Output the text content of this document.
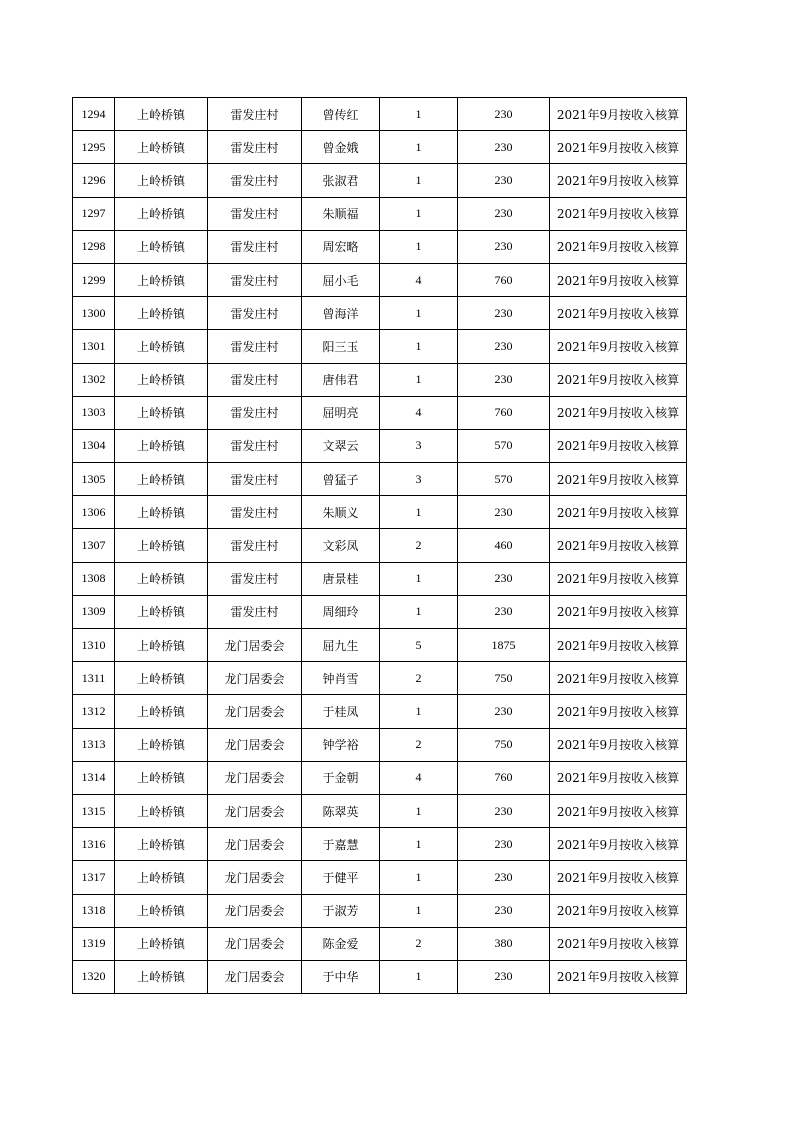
1294	上岭桥镇	雷发庄村	曾传红	1	230	2021年9月按收入核算
1295	上岭桥镇	雷发庄村	曾金娥	1	230	2021年9月按收入核算
1296	上岭桥镇	雷发庄村	张淑君	1	230	2021年9月按收入核算
1297	上岭桥镇	雷发庄村	朱顺福	1	230	2021年9月按收入核算
1298	上岭桥镇	雷发庄村	周宏略	1	230	2021年9月按收入核算
1299	上岭桥镇	雷发庄村	屈小毛	4	760	2021年9月按收入核算
1300	上岭桥镇	雷发庄村	曾海洋	1	230	2021年9月按收入核算
1301	上岭桥镇	雷发庄村	阳三玉	1	230	2021年9月按收入核算
1302	上岭桥镇	雷发庄村	唐伟君	1	230	2021年9月按收入核算
1303	上岭桥镇	雷发庄村	屈明亮	4	760	2021年9月按收入核算
1304	上岭桥镇	雷发庄村	文翠云	3	570	2021年9月按收入核算
1305	上岭桥镇	雷发庄村	曾猛子	3	570	2021年9月按收入核算
1306	上岭桥镇	雷发庄村	朱顺义	1	230	2021年9月按收入核算
1307	上岭桥镇	雷发庄村	文彩凤	2	460	2021年9月按收入核算
1308	上岭桥镇	雷发庄村	唐景桂	1	230	2021年9月按收入核算
1309	上岭桥镇	雷发庄村	周细玲	1	230	2021年9月按收入核算
1310	上岭桥镇	龙门居委会	屈九生	5	1875	2021年9月按收入核算
1311	上岭桥镇	龙门居委会	钟肖雪	2	750	2021年9月按收入核算
1312	上岭桥镇	龙门居委会	于桂凤	1	230	2021年9月按收入核算
1313	上岭桥镇	龙门居委会	钟学裕	2	750	2021年9月按收入核算
1314	上岭桥镇	龙门居委会	于金朝	4	760	2021年9月按收入核算
1315	上岭桥镇	龙门居委会	陈翠英	1	230	2021年9月按收入核算
1316	上岭桥镇	龙门居委会	于嘉慧	1	230	2021年9月按收入核算
1317	上岭桥镇	龙门居委会	于健平	1	230	2021年9月按收入核算
1318	上岭桥镇	龙门居委会	于淑芳	1	230	2021年9月按收入核算
1319	上岭桥镇	龙门居委会	陈金爱	2	380	2021年9月按收入核算
1320	上岭桥镇	龙门居委会	于中华	1	230	2021年9月按收入核算
